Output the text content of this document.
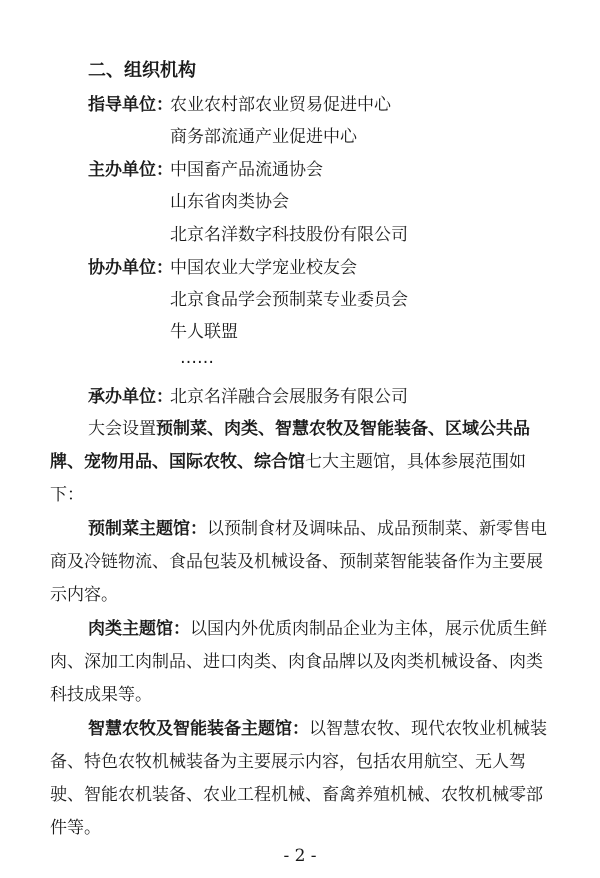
二、组织机构
指导单位：
农业农村部农业贸易促进中心
商务部流通产业促进中心
主办单位：
中国畜产品流通协会
山东省肉类协会
北京名洋数字科技股份有限公司
协办单位：
中国农业大学宠业校友会
北京食品学会预制菜专业委员会
牛人联盟
……
承办单位：
北京名洋融合会展服务有限公司
大会设置预制菜、肉类、智慧农牧及智能装备、区域公共品
牌、宠物用品、国际农牧、综合馆七大主题馆，具体参展范围如
下：
预制菜主题馆：以预制食材及调味品、成品预制菜、新零售电
商及冷链物流、食品包装及机械设备、预制菜智能装备作为主要展
示内容。
肉类主题馆：以国内外优质肉制品企业为主体，展示优质生鲜
肉、深加工肉制品、进口肉类、肉食品牌以及肉类机械设备、肉类
科技成果等。
智慧农牧及智能装备主题馆：以智慧农牧、现代农牧业机械装
备、特色农牧机械装备为主要展示内容，包括农用航空、无人驾
驶、智能农机装备、农业工程机械、畜禽养殖机械、农牧机械零部
件等。
- 2 -
